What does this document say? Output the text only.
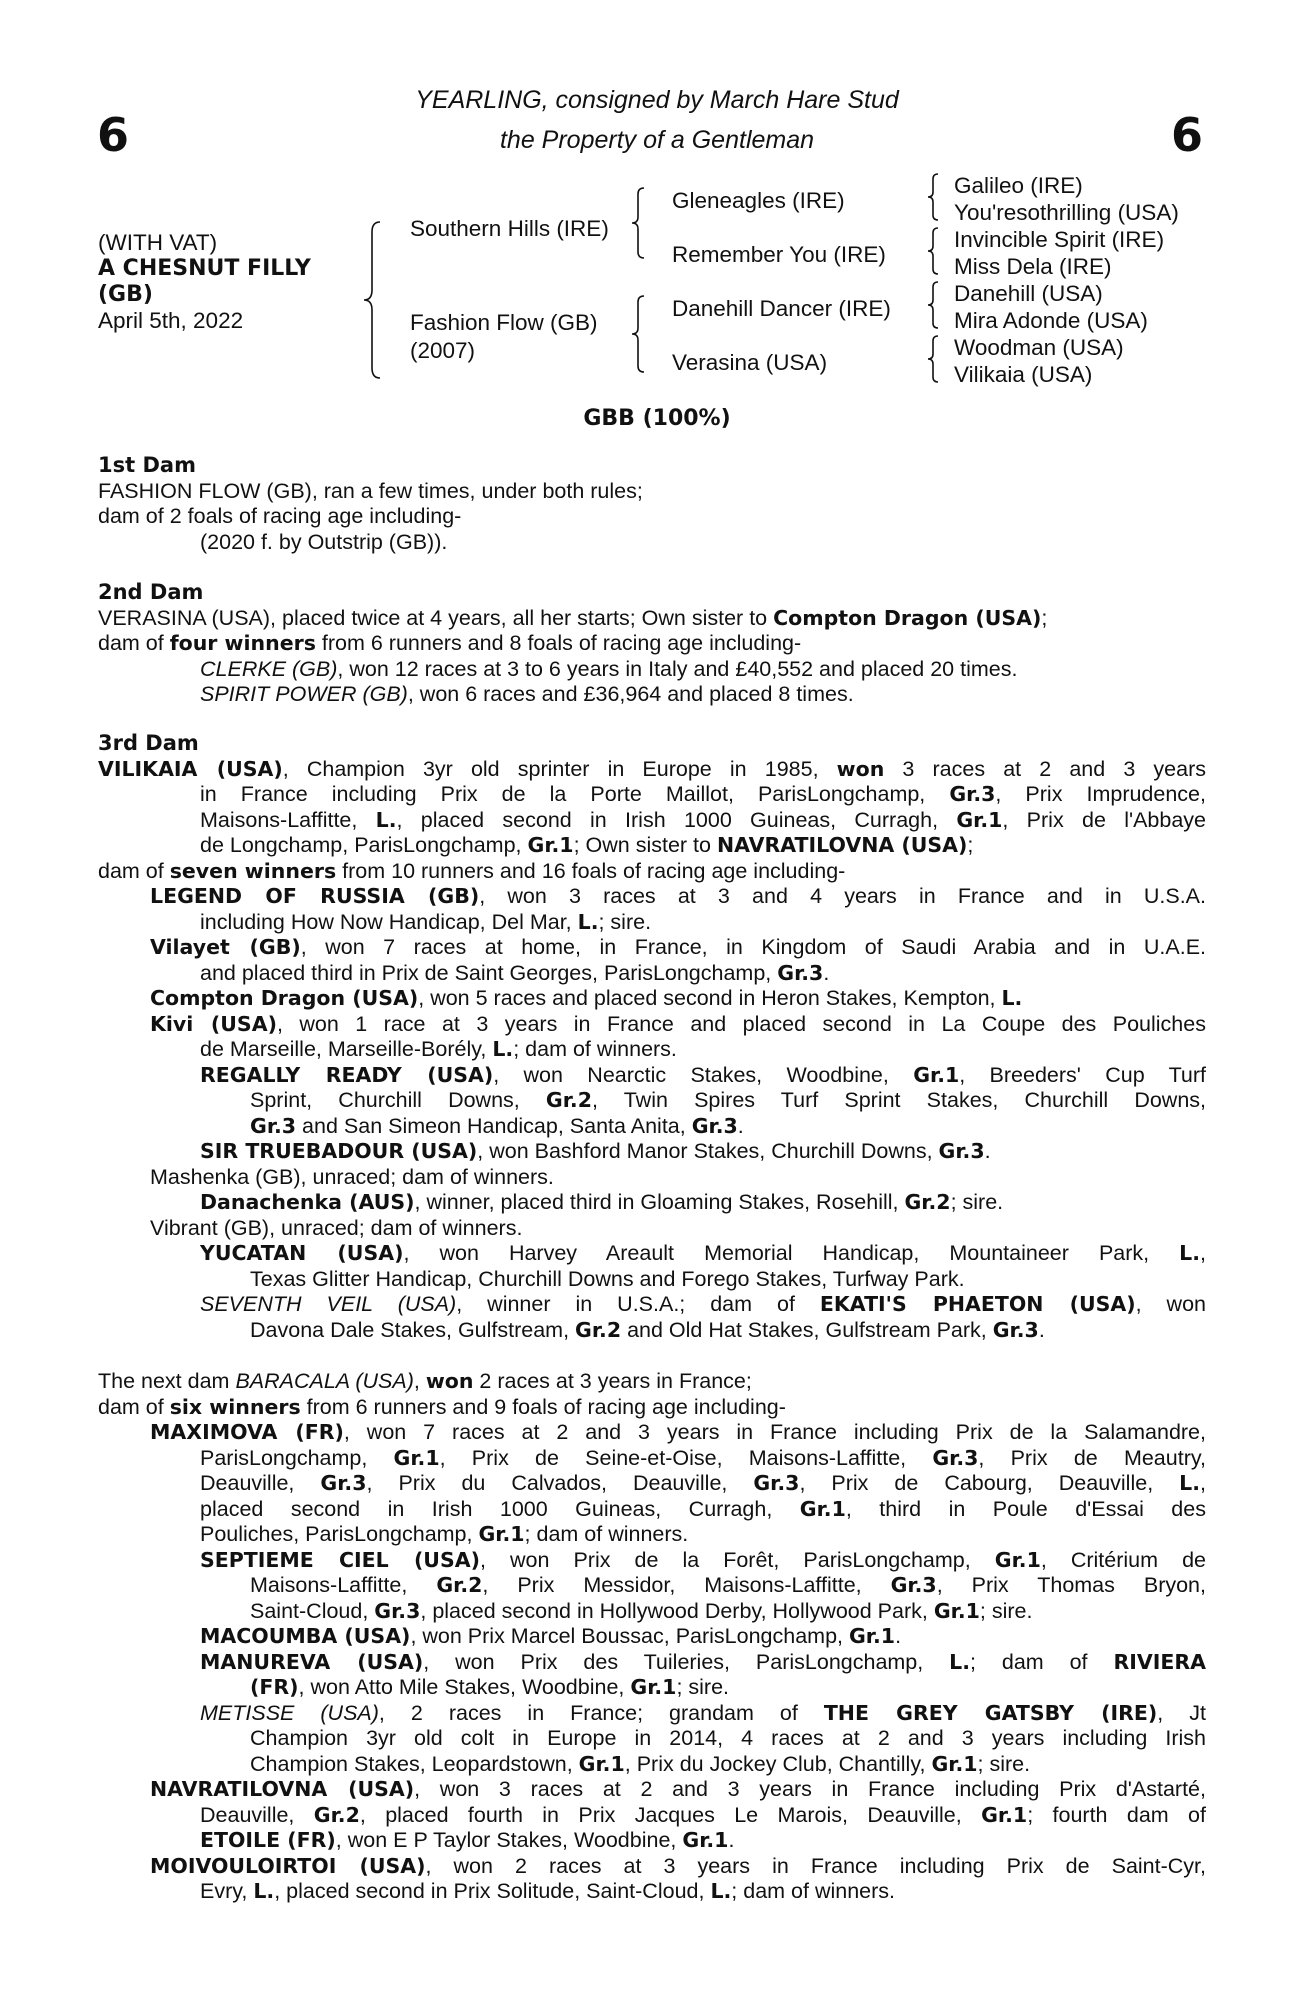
6	6
YEARLING, consigned by March Hare Stud
the Property of a Gentleman
(WITH VAT)
A CHESNUT FILLY
(GB)
April 5th, 2022
Southern Hills (IRE)
Fashion Flow (GB)
(2007)
Gleneagles (IRE)
Remember You (IRE)
Danehill Dancer (IRE)
Verasina (USA)
Galileo (IRE)
You'resothrilling (USA)
Invincible Spirit (IRE)
Miss Dela (IRE)
Danehill (USA)
Mira Adonde (USA)
Woodman (USA)
Vilikaia (USA)
GBB (100%)
1st Dam
FASHION FLOW (GB), ran a few times, under both rules;
dam of 2 foals of racing age including-
(2020 f. by Outstrip (GB)).
2nd Dam
VERASINA (USA), placed twice at 4 years, all her starts; Own sister to Compton Dragon (USA);
dam of four winners from 6 runners and 8 foals of racing age including-
CLERKE (GB), won 12 races at 3 to 6 years in Italy and £40,552 and placed 20 times.
SPIRIT POWER (GB), won 6 races and £36,964 and placed 8 times.
3rd Dam
VILIKAIA (USA), Champion 3yr old sprinter in Europe in 1985, won 3 races at 2 and 3 years
in France including Prix de la Porte Maillot, ParisLongchamp, Gr.3, Prix Imprudence,
Maisons-Laffitte, L., placed second in Irish 1000 Guineas, Curragh, Gr.1, Prix de l'Abbaye
de Longchamp, ParisLongchamp, Gr.1; Own sister to NAVRATILOVNA (USA);
dam of seven winners from 10 runners and 16 foals of racing age including-
LEGEND OF RUSSIA (GB), won 3 races at 3 and 4 years in France and in U.S.A.
including How Now Handicap, Del Mar, L.; sire.
Vilayet (GB), won 7 races at home, in France, in Kingdom of Saudi Arabia and in U.A.E.
and placed third in Prix de Saint Georges, ParisLongchamp, Gr.3.
Compton Dragon (USA), won 5 races and placed second in Heron Stakes, Kempton, L.
Kivi (USA), won 1 race at 3 years in France and placed second in La Coupe des Pouliches
de Marseille, Marseille-Borély, L.; dam of winners.
REGALLY READY (USA), won Nearctic Stakes, Woodbine, Gr.1, Breeders' Cup Turf
Sprint, Churchill Downs, Gr.2, Twin Spires Turf Sprint Stakes, Churchill Downs,
Gr.3 and San Simeon Handicap, Santa Anita, Gr.3.
SIR TRUEBADOUR (USA), won Bashford Manor Stakes, Churchill Downs, Gr.3.
Mashenka (GB), unraced; dam of winners.
Danachenka (AUS), winner, placed third in Gloaming Stakes, Rosehill, Gr.2; sire.
Vibrant (GB), unraced; dam of winners.
YUCATAN (USA), won Harvey Areault Memorial Handicap, Mountaineer Park, L.,
Texas Glitter Handicap, Churchill Downs and Forego Stakes, Turfway Park.
SEVENTH VEIL (USA), winner in U.S.A.; dam of EKATI'S PHAETON (USA), won
Davona Dale Stakes, Gulfstream, Gr.2 and Old Hat Stakes, Gulfstream Park, Gr.3.
The next dam BARACALA (USA), won 2 races at 3 years in France;
dam of six winners from 6 runners and 9 foals of racing age including-
MAXIMOVA (FR), won 7 races at 2 and 3 years in France including Prix de la Salamandre,
ParisLongchamp, Gr.1, Prix de Seine-et-Oise, Maisons-Laffitte, Gr.3, Prix de Meautry,
Deauville, Gr.3, Prix du Calvados, Deauville, Gr.3, Prix de Cabourg, Deauville, L.,
placed second in Irish 1000 Guineas, Curragh, Gr.1, third in Poule d'Essai des
Pouliches, ParisLongchamp, Gr.1; dam of winners.
SEPTIEME CIEL (USA), won Prix de la Forêt, ParisLongchamp, Gr.1, Critérium de
Maisons-Laffitte, Gr.2, Prix Messidor, Maisons-Laffitte, Gr.3, Prix Thomas Bryon,
Saint-Cloud, Gr.3, placed second in Hollywood Derby, Hollywood Park, Gr.1; sire.
MACOUMBA (USA), won Prix Marcel Boussac, ParisLongchamp, Gr.1.
MANUREVA (USA), won Prix des Tuileries, ParisLongchamp, L.; dam of RIVIERA
(FR), won Atto Mile Stakes, Woodbine, Gr.1; sire.
METISSE (USA), 2 races in France; grandam of THE GREY GATSBY (IRE), Jt
Champion 3yr old colt in Europe in 2014, 4 races at 2 and 3 years including Irish
Champion Stakes, Leopardstown, Gr.1, Prix du Jockey Club, Chantilly, Gr.1; sire.
NAVRATILOVNA (USA), won 3 races at 2 and 3 years in France including Prix d'Astarté,
Deauville, Gr.2, placed fourth in Prix Jacques Le Marois, Deauville, Gr.1; fourth dam of
ETOILE (FR), won E P Taylor Stakes, Woodbine, Gr.1.
MOIVOULOIRTOI (USA), won 2 races at 3 years in France including Prix de Saint-Cyr,
Evry, L., placed second in Prix Solitude, Saint-Cloud, L.; dam of winners.
